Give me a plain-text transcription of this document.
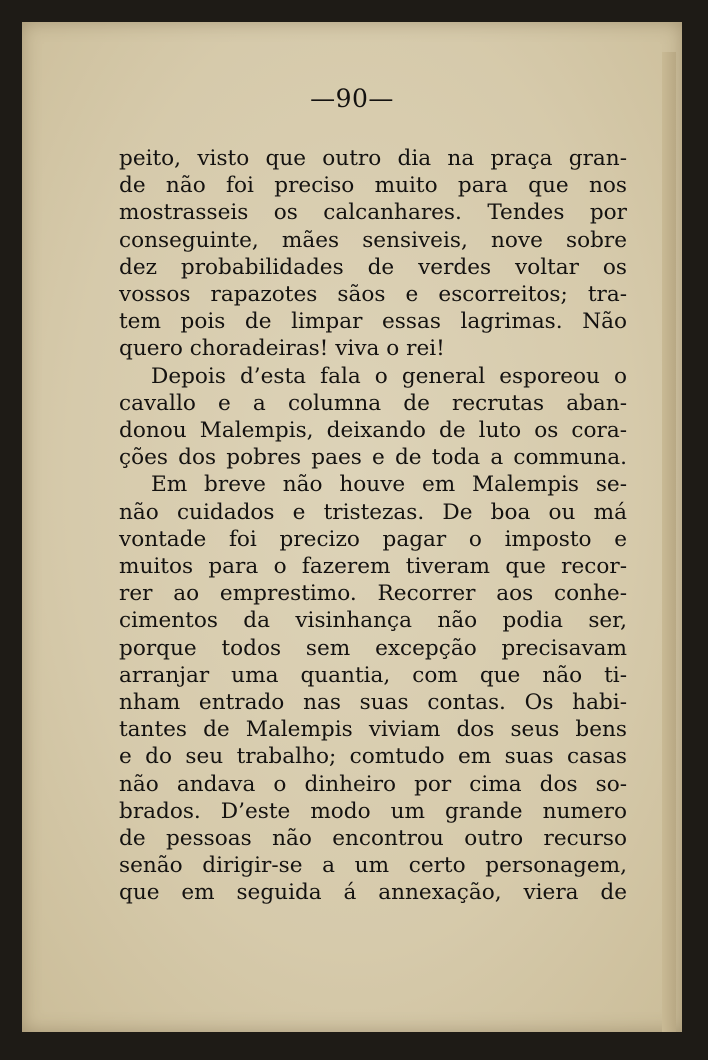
—90—
peito, visto que outro dia na praça gran-
de não foi preciso muito para que nos
mostrasseis os calcanhares. Tendes por
conseguinte, mães sensiveis, nove sobre
dez probabilidades de verdes voltar os
vossos rapazotes sãos e escorreitos; tra-
tem pois de limpar essas lagrimas. Não
quero choradeiras! viva o rei!
Depois d’esta fala o general esporeou o
cavallo e a columna de recrutas aban-
donou Malempis, deixando de luto os cora-
ções dos pobres paes e de toda a communa.
Em breve não houve em Malempis se-
não cuidados e tristezas. De boa ou má
vontade foi precizo pagar o imposto e
muitos para o fazerem tiveram que recor-
rer ao emprestimo. Recorrer aos conhe-
cimentos da visinhança não podia ser,
porque todos sem excepção precisavam
arranjar uma quantia, com que não ti-
nham entrado nas suas contas. Os habi-
tantes de Malempis viviam dos seus bens
e do seu trabalho; comtudo em suas casas
não andava o dinheiro por cima dos so-
brados. D’este modo um grande numero
de pessoas não encontrou outro recurso
senão dirigir-se a um certo personagem,
que em seguida á annexação, viera de
